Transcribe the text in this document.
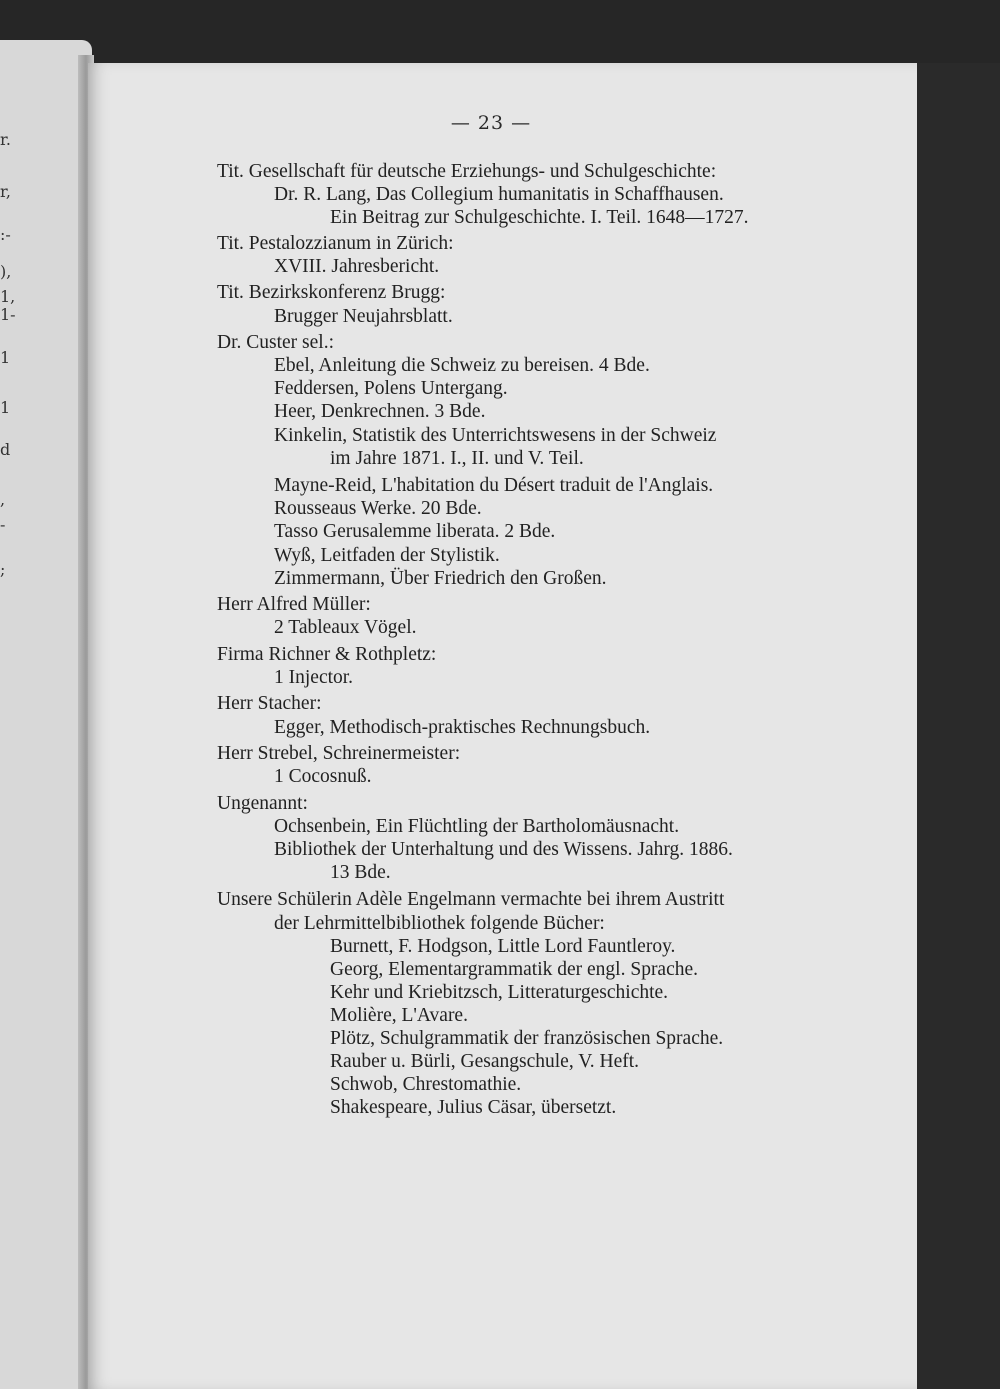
r.
r,
:-
),
1,
1-
1
1
d
,
-
;
— 23 —
Tit. Gesellschaft für deutsche Erziehungs- und Schulgeschichte:
Dr. R. Lang, Das Collegium humanitatis in Schaffhausen.
Ein Beitrag zur Schulgeschichte. I. Teil. 1648—1727.
Tit. Pestalozzianum in Zürich:
XVIII. Jahresbericht.
Tit. Bezirkskonferenz Brugg:
Brugger Neujahrsblatt.
Dr. Custer sel.:
Ebel, Anleitung die Schweiz zu bereisen. 4 Bde.
Feddersen, Polens Untergang.
Heer, Denkrechnen. 3 Bde.
Kinkelin, Statistik des Unterrichtswesens in der Schweiz
im Jahre 1871. I., II. und V. Teil.
Mayne-Reid, L'habitation du Désert traduit de l'Anglais.
Rousseaus Werke. 20 Bde.
Tasso Gerusalemme liberata. 2 Bde.
Wyß, Leitfaden der Stylistik.
Zimmermann, Über Friedrich den Großen.
Herr Alfred Müller:
2 Tableaux Vögel.
Firma Richner & Rothpletz:
1 Injector.
Herr Stacher:
Egger, Methodisch-praktisches Rechnungsbuch.
Herr Strebel, Schreinermeister:
1 Cocosnuß.
Ungenannt:
Ochsenbein, Ein Flüchtling der Bartholomäusnacht.
Bibliothek der Unterhaltung und des Wissens. Jahrg. 1886.
13 Bde.
Unsere Schülerin Adèle Engelmann vermachte bei ihrem Austritt
der Lehrmittelbibliothek folgende Bücher:
Burnett, F. Hodgson, Little Lord Fauntleroy.
Georg, Elementargrammatik der engl. Sprache.
Kehr und Kriebitzsch, Litteraturgeschichte.
Molière, L'Avare.
Plötz, Schulgrammatik der französischen Sprache.
Rauber u. Bürli, Gesangschule, V. Heft.
Schwob, Chrestomathie.
Shakespeare, Julius Cäsar, übersetzt.
